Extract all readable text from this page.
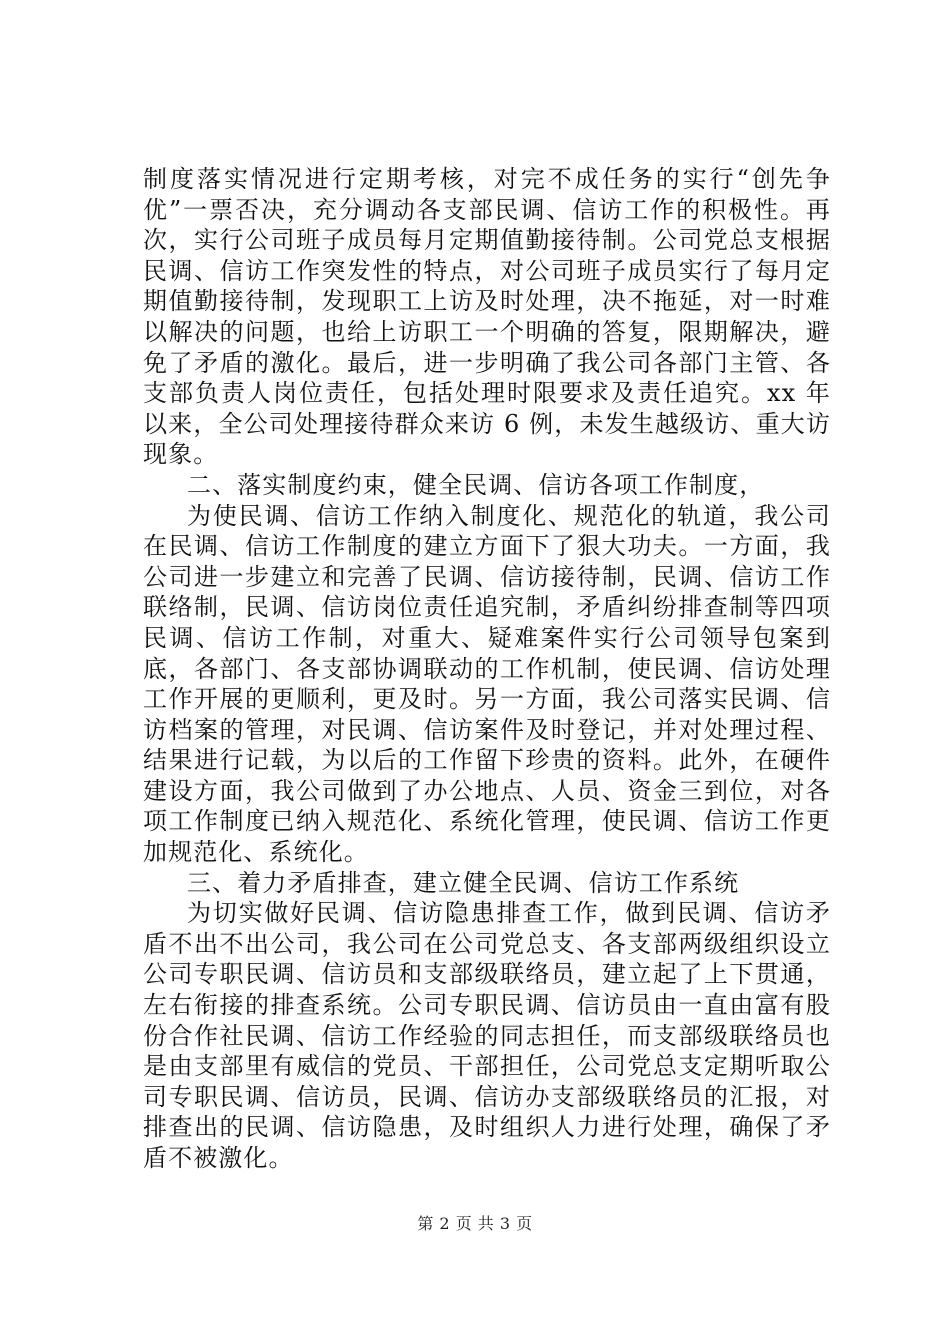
制度落实情况进行定期考核，对完不成任务的实行“创先争优”一票否决，充分调动各支部民调、信访工作的积极性。再次，实行公司班子成员每月定期值勤接待制。公司党总支根据民调、信访工作突发性的特点，对公司班子成员实行了每月定期值勤接待制，发现职工上访及时处理，决不拖延，对一时难以解决的问题，也给上访职工一个明确的答复，限期解决，避免了矛盾的激化。最后，进一步明确了我公司各部门主管、各支部负责人岗位责任，包括处理时限要求及责任追究。xx 年以来，全公司处理接待群众来访 6 例，未发生越级访、重大访现象。

二、落实制度约束，健全民调、信访各项工作制度，

为使民调、信访工作纳入制度化、规范化的轨道，我公司在民调、信访工作制度的建立方面下了狠大功夫。一方面，我公司进一步建立和完善了民调、信访接待制，民调、信访工作联络制，民调、信访岗位责任追究制，矛盾纠纷排查制等四项民调、信访工作制，对重大、疑难案件实行公司领导包案到底，各部门、各支部协调联动的工作机制，使民调、信访处理工作开展的更顺利，更及时。另一方面，我公司落实民调、信访档案的管理，对民调、信访案件及时登记，并对处理过程、结果进行记载，为以后的工作留下珍贵的资料。此外，在硬件建设方面，我公司做到了办公地点、人员、资金三到位，对各项工作制度已纳入规范化、系统化管理，使民调、信访工作更加规范化、系统化。

三、着力矛盾排查，建立健全民调、信访工作系统

为切实做好民调、信访隐患排查工作，做到民调、信访矛盾不出不出公司，我公司在公司党总支、各支部两级组织设立公司专职民调、信访员和支部级联络员，建立起了上下贯通，左右衔接的排查系统。公司专职民调、信访员由一直由富有股份合作社民调、信访工作经验的同志担任，而支部级联络员也是由支部里有威信的党员、干部担任，公司党总支定期听取公司专职民调、信访员，民调、信访办支部级联络员的汇报，对排查出的民调、信访隐患，及时组织人力进行处理，确保了矛盾不被激化。

第 2 页 共 3 页
